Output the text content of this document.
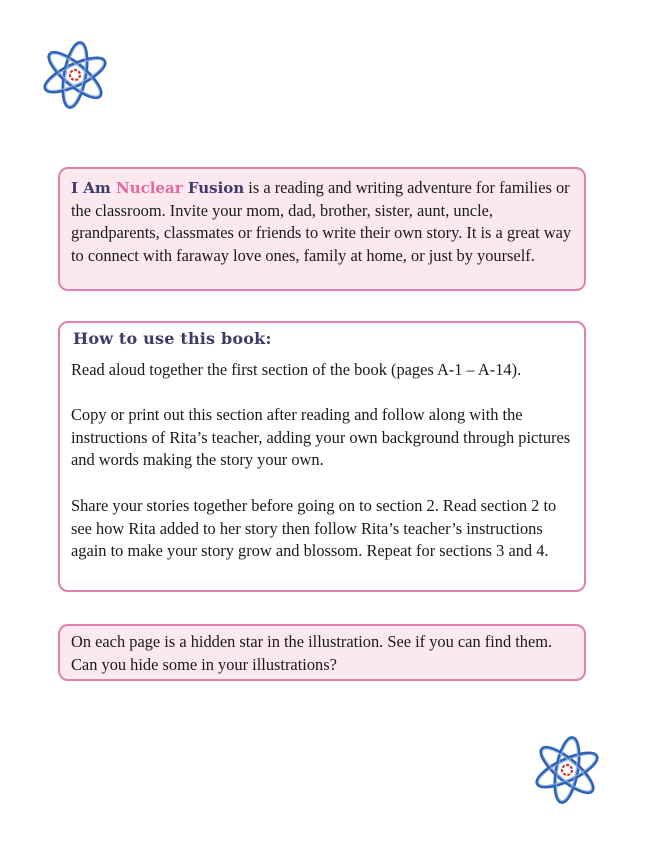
I Am Nuclear Fusion is a reading and writing adventure for families or the classroom. Invite your mom, dad, brother, sister, aunt, uncle, grandparents, classmates or friends to write their own story. It is a great way to connect with faraway love ones, family at home, or just by yourself.

How to use this book:

Read aloud together the first section of the book (pages A-1 – A-14).

Copy or print out this section after reading and follow along with the instructions of Rita’s teacher, adding your own background through pictures and words making the story your own.

Share your stories together before going on to section 2. Read section 2 to see how Rita added to her story then follow Rita’s teacher’s instructions again to make your story grow and blossom. Repeat for sections 3 and 4.

On each page is a hidden star in the illustration. See if you can find them. Can you hide some in your illustrations?
